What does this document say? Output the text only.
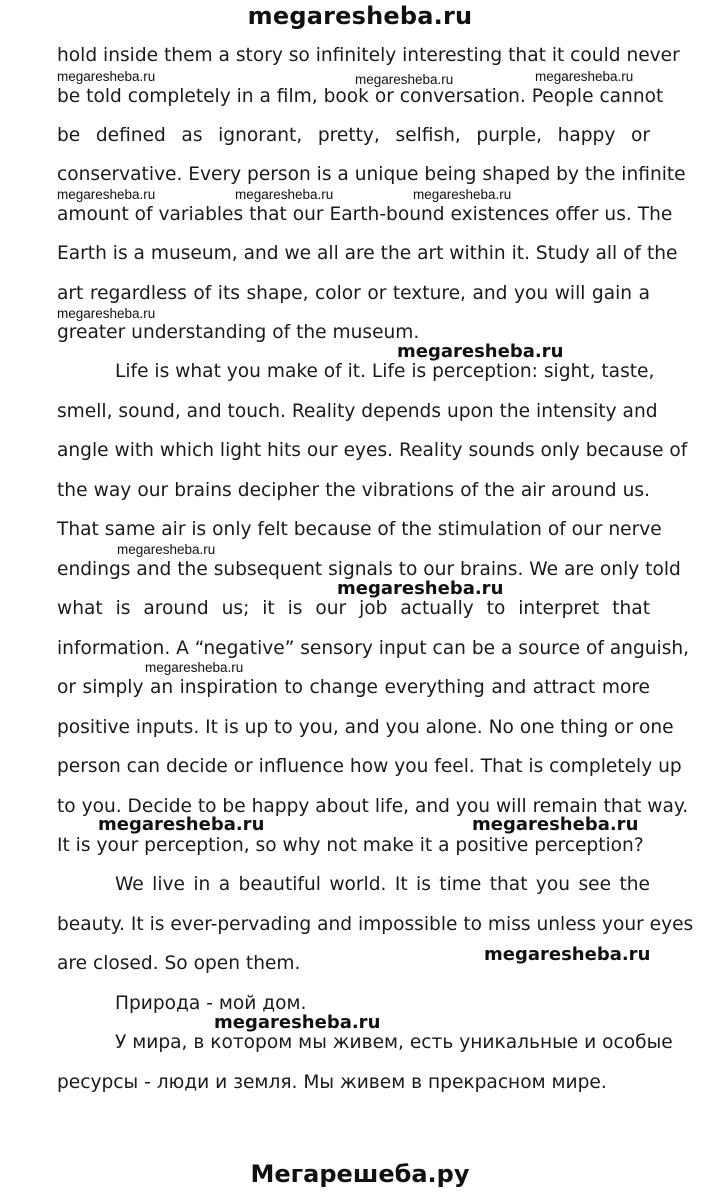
megaresheba.ru
hold inside them a story so infinitely interesting that it could never
be told completely in a film, book or conversation. People cannot
be defined as ignorant, pretty, selfish, purple, happy or
conservative. Every person is a unique being shaped by the infinite
amount of variables that our Earth-bound existences offer us. The
Earth is a museum, and we all are the art within it. Study all of the
art regardless of its shape, color or texture, and you will gain a
greater understanding of the museum.
Life is what you make of it. Life is perception: sight, taste,
smell, sound, and touch. Reality depends upon the intensity and
angle with which light hits our eyes. Reality sounds only because of
the way our brains decipher the vibrations of the air around us.
That same air is only felt because of the stimulation of our nerve
endings and the subsequent signals to our brains. We are only told
what is around us; it is our job actually to interpret that
information. A “negative” sensory input can be a source of anguish,
or simply an inspiration to change everything and attract more
positive inputs. It is up to you, and you alone. No one thing or one
person can decide or influence how you feel. That is completely up
to you. Decide to be happy about life, and you will remain that way.
It is your perception, so why not make it a positive perception?
We live in a beautiful world. It is time that you see the
beauty. It is ever-pervading and impossible to miss unless your eyes
are closed. So open them.
Природа - мой дом.
У мира, в котором мы живем, есть уникальные и особые
ресурсы - люди и земля. Мы живем в прекрасном мире.
megaresheba.ru	megaresheba.ru	megaresheba.ru
megaresheba.ru	megaresheba.ru	megaresheba.ru
megaresheba.ru
megaresheba.ru
megaresheba.ru
megaresheba.ru
megaresheba.ru
megaresheba.ru	megaresheba.ru
megaresheba.ru
megaresheba.ru
Мегарешеба.ру
